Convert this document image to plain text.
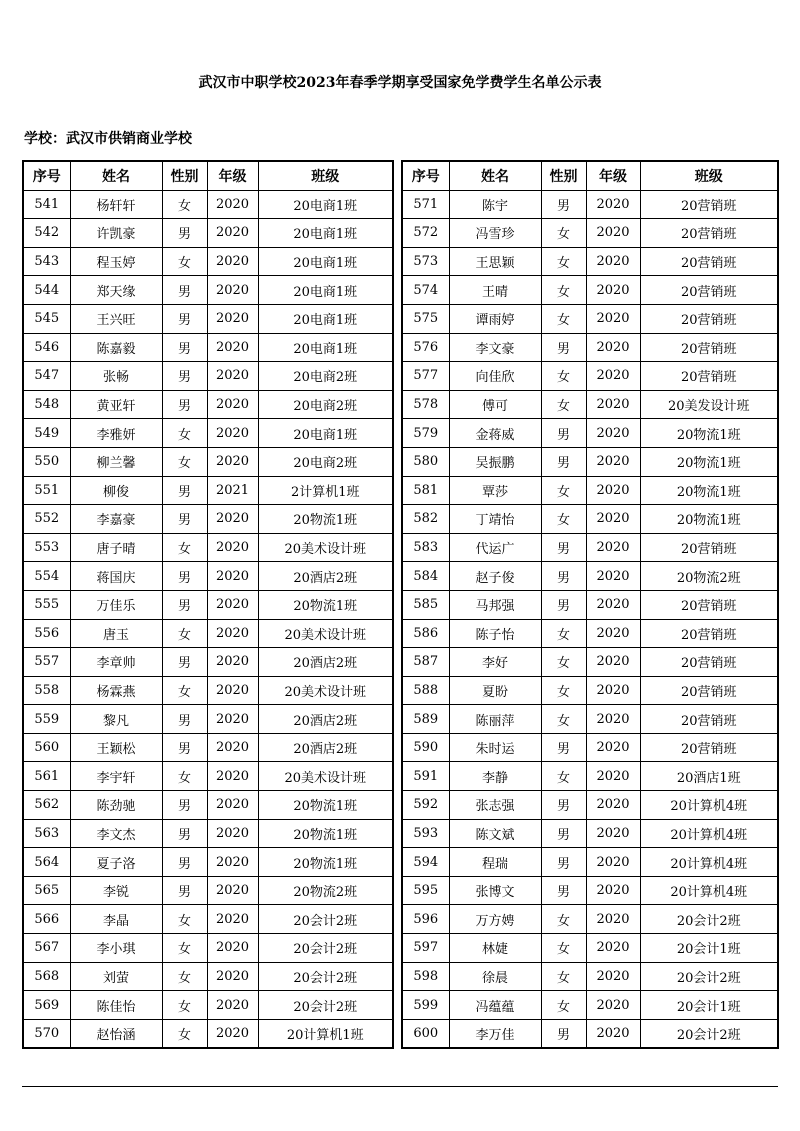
武汉市中职学校2023年春季学期享受国家免学费学生名单公示表
学校：武汉市供销商业学校
序号	姓名	性别	年级	班级
541	杨轩轩	女	2020	20电商1班
542	许凯豪	男	2020	20电商1班
543	程玉婷	女	2020	20电商1班
544	郑天缘	男	2020	20电商1班
545	王兴旺	男	2020	20电商1班
546	陈嘉毅	男	2020	20电商1班
547	张畅	男	2020	20电商2班
548	黄亚轩	男	2020	20电商2班
549	李雅妍	女	2020	20电商1班
550	柳兰馨	女	2020	20电商2班
551	柳俊	男	2021	2计算机1班
552	李嘉豪	男	2020	20物流1班
553	唐子晴	女	2020	20美术设计班
554	蒋国庆	男	2020	20酒店2班
555	万佳乐	男	2020	20物流1班
556	唐玉	女	2020	20美术设计班
557	李章帅	男	2020	20酒店2班
558	杨霖燕	女	2020	20美术设计班
559	黎凡	男	2020	20酒店2班
560	王颖松	男	2020	20酒店2班
561	李宇轩	女	2020	20美术设计班
562	陈劲驰	男	2020	20物流1班
563	李文杰	男	2020	20物流1班
564	夏子洛	男	2020	20物流1班
565	李锐	男	2020	20物流2班
566	李晶	女	2020	20会计2班
567	李小琪	女	2020	20会计2班
568	刘萤	女	2020	20会计2班
569	陈佳怡	女	2020	20会计2班
570	赵怡涵	女	2020	20计算机1班
序号	姓名	性别	年级	班级
571	陈宇	男	2020	20营销班
572	冯雪珍	女	2020	20营销班
573	王思颖	女	2020	20营销班
574	王晴	女	2020	20营销班
575	谭雨婷	女	2020	20营销班
576	李文豪	男	2020	20营销班
577	向佳欣	女	2020	20营销班
578	傅可	女	2020	20美发设计班
579	金蒋威	男	2020	20物流1班
580	吴振鹏	男	2020	20物流1班
581	覃莎	女	2020	20物流1班
582	丁靖怡	女	2020	20物流1班
583	代运广	男	2020	20营销班
584	赵子俊	男	2020	20物流2班
585	马邦强	男	2020	20营销班
586	陈子怡	女	2020	20营销班
587	李好	女	2020	20营销班
588	夏盼	女	2020	20营销班
589	陈丽萍	女	2020	20营销班
590	朱时运	男	2020	20营销班
591	李静	女	2020	20酒店1班
592	张志强	男	2020	20计算机4班
593	陈文斌	男	2020	20计算机4班
594	程瑞	男	2020	20计算机4班
595	张博文	男	2020	20计算机4班
596	万方娉	女	2020	20会计2班
597	林婕	女	2020	20会计1班
598	徐晨	女	2020	20会计2班
599	冯蕴蕴	女	2020	20会计1班
600	李万佳	男	2020	20会计2班
